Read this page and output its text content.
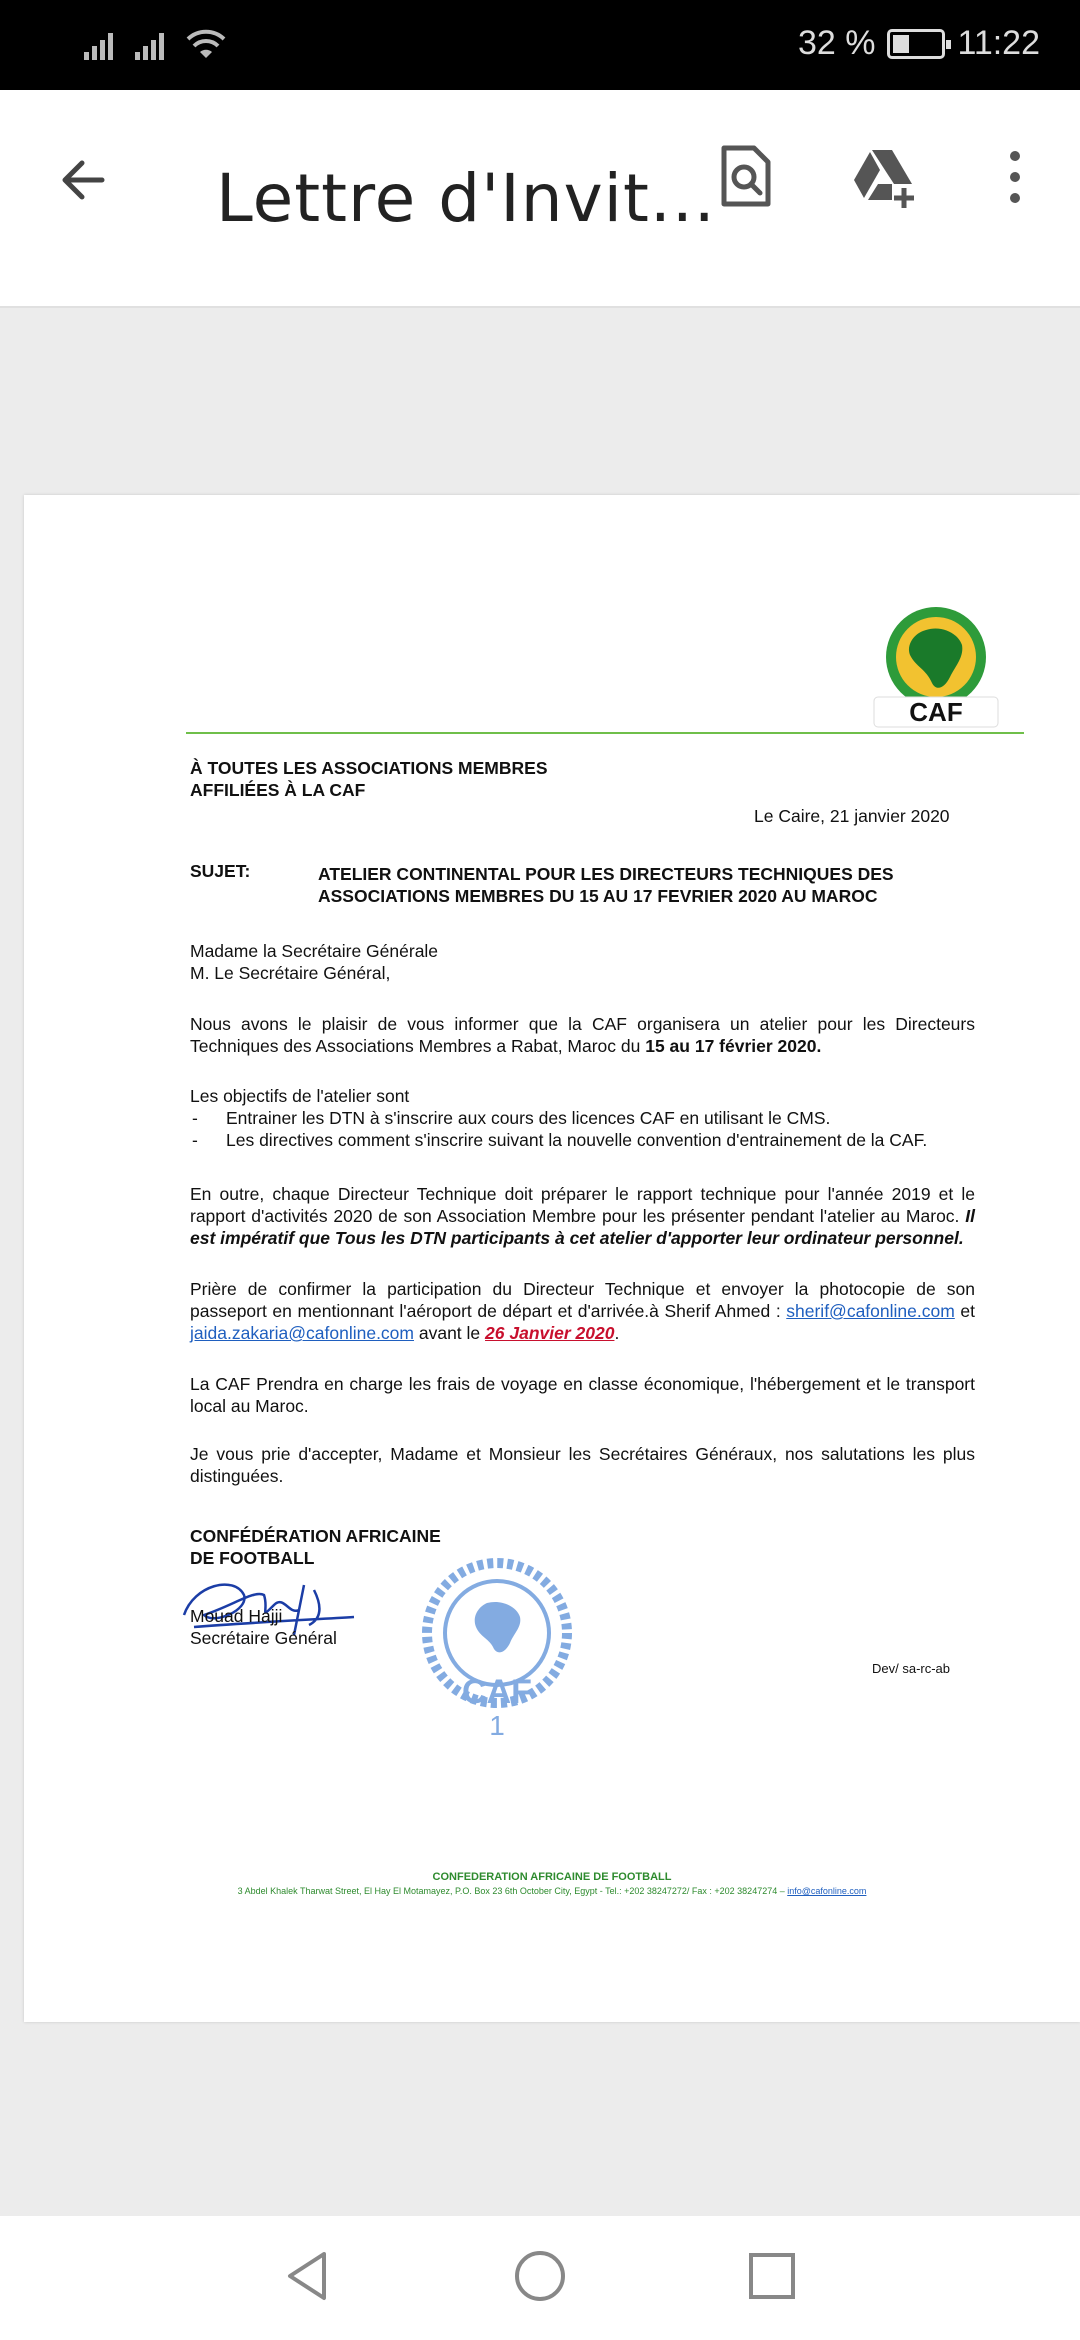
32 % 11:22
Lettre d'Invit...
CAF
À TOUTES LES ASSOCIATIONS MEMBRES
AFFILIÉES À LA CAF
Le Caire, 21 janvier 2020
SUJET:	ATELIER CONTINENTAL POUR LES DIRECTEURS TECHNIQUES DES
ASSOCIATIONS MEMBRES DU 15 AU 17 FEVRIER 2020 AU MAROC
Madame la Secrétaire Générale
M. Le Secrétaire Général,
Nous avons le plaisir de vous informer que la CAF organisera un atelier pour les Directeurs Techniques des Associations Membres a Rabat, Maroc du 15 au 17 février 2020.
Les objectifs de l'atelier sont
- Entrainer les DTN à s'inscrire aux cours des licences CAF en utilisant le CMS.
- Les directives comment s'inscrire suivant la nouvelle convention d'entrainement de la CAF.
En outre, chaque Directeur Technique doit préparer le rapport technique pour l'année 2019 et le rapport d'activités 2020 de son Association Membre pour les présenter pendant l'atelier au Maroc. Il est impératif que Tous les DTN participants à cet atelier d'apporter leur ordinateur personnel.
Prière de confirmer la participation du Directeur Technique et envoyer la photocopie de son passeport en mentionnant l'aéroport de départ et d'arrivée.à Sherif Ahmed : sherif@cafonline.com et jaida.zakaria@cafonline.com avant le 26 Janvier 2020.
La CAF Prendra en charge les frais de voyage en classe économique, l'hébergement et le transport local au Maroc.
Je vous prie d'accepter, Madame et Monsieur les Secrétaires Généraux, nos salutations les plus distinguées.
CONFÉDÉRATION AFRICAINE
DE FOOTBALL
Mouad Hajji
Secrétaire Général
CAF
1
Dev/ sa-rc-ab
CONFEDERATION AFRICAINE DE FOOTBALL
3 Abdel Khalek Tharwat Street, El Hay El Motamayez, P.O. Box 23 6th October City, Egypt - Tel.: +202 38247272/ Fax : +202 38247274 – info@cafonline.com
